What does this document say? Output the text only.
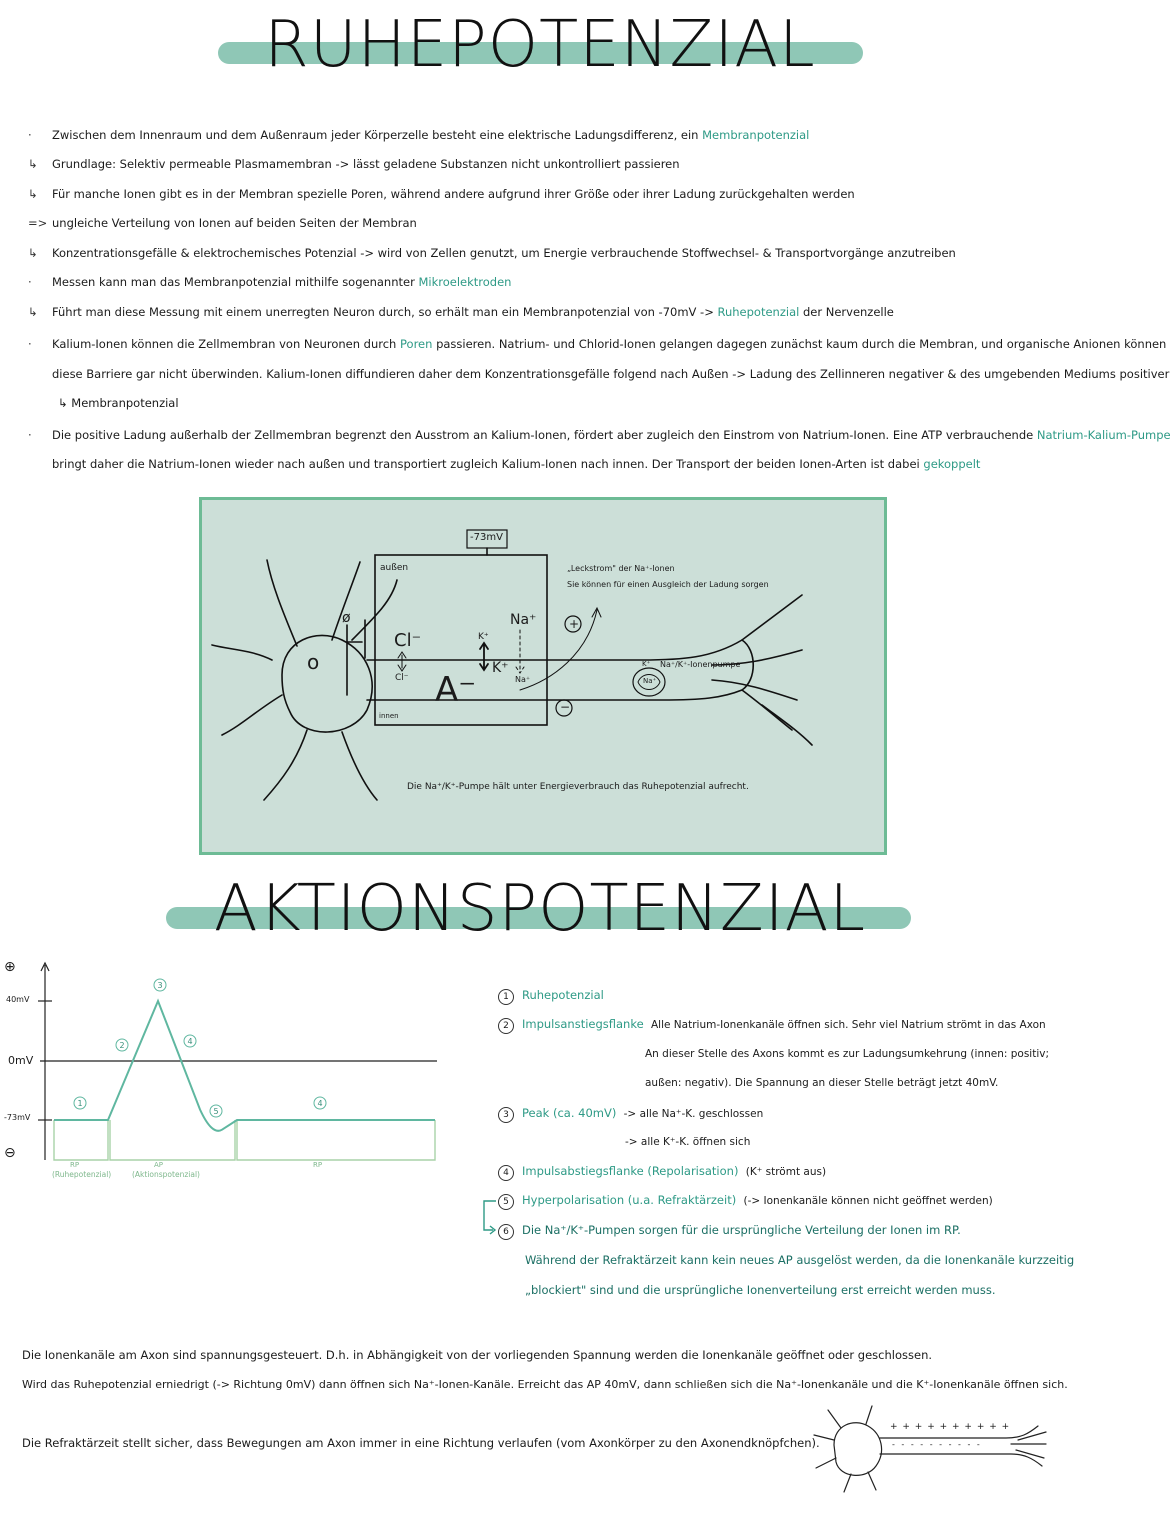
RUHEPOTENZIAL
· Zwischen dem Innenraum und dem Außenraum jeder Körperzelle besteht eine elektrische Ladungsdifferenz, ein Membranpotenzial
↳ Grundlage: Selektiv permeable Plasmamembran -> lässt geladene Substanzen nicht unkontrolliert passieren
↳ Für manche Ionen gibt es in der Membran spezielle Poren, während andere aufgrund ihrer Größe oder ihrer Ladung zurückgehalten werden
=> ungleiche Verteilung von Ionen auf beiden Seiten der Membran
↳ Konzentrationsgefälle & elektrochemisches Potenzial -> wird von Zellen genutzt, um Energie verbrauchende Stoffwechsel- & Transportvorgänge anzutreiben
· Messen kann man das Membranpotenzial mithilfe sogenannter Mikroelektroden
↳ Führt man diese Messung mit einem unerregten Neuron durch, so erhält man ein Membranpotenzial von -70mV -> Ruhepotenzial der Nervenzelle
· Kalium-Ionen können die Zellmembran von Neuronen durch Poren passieren. Natrium- und Chlorid-Ionen gelangen dagegen zunächst kaum durch die Membran, und organische Anionen können
diese Barriere gar nicht überwinden. Kalium-Ionen diffundieren daher dem Konzentrationsgefälle folgend nach Außen -> Ladung des Zellinneren negativer & des umgebenden Mediums positiver
↳ Membranpotenzial
· Die positive Ladung außerhalb der Zellmembran begrenzt den Ausstrom an Kalium-Ionen, fördert aber zugleich den Einstrom von Natrium-Ionen. Eine ATP verbrauchende Natrium-Kalium-Pumpe
bringt daher die Natrium-Ionen wieder nach außen und transportiert zugleich Kalium-Ionen nach innen. Der Transport der beiden Ionen-Arten ist dabei gekoppelt
-73mV
außen
innen
ø
Cl⁻
Cl⁻
K⁺
K⁺
Na⁺
Na⁺
A⁻
o
+
−
„Leckstrom" der Na⁺-Ionen
Sie können für einen Ausgleich der Ladung sorgen
K⁺ Na⁺/K⁺-Ionenpumpe
Na⁺
Die Na⁺/K⁺-Pumpe hält unter Energieverbrauch das Ruhepotenzial aufrecht.
AKTIONSPOTENZIAL
1
2
3
4
5
4
⊕
⊖
40mV
0mV
-73mV
RP
(Ruhepotenzial)
AP
(Aktionspotenzial)
RP
1 Ruhepotenzial
2 Impulsanstiegsflanke Alle Natrium-Ionenkanäle öffnen sich. Sehr viel Natrium strömt in das Axon
An dieser Stelle des Axons kommt es zur Ladungsumkehrung (innen: positiv;
außen: negativ). Die Spannung an dieser Stelle beträgt jetzt 40mV.
3 Peak (ca. 40mV) -> alle Na⁺-K. geschlossen
-> alle K⁺-K. öffnen sich
4 Impulsabstiegsflanke (Repolarisation) (K⁺ strömt aus)
5 Hyperpolarisation (u.a. Refraktärzeit) (-> Ionenkanäle können nicht geöffnet werden)
6 Die Na⁺/K⁺-Pumpen sorgen für die ursprüngliche Verteilung der Ionen im RP.
Während der Refraktärzeit kann kein neues AP ausgelöst werden, da die Ionenkanäle kurzzeitig
„blockiert" sind und die ursprüngliche Ionenverteilung erst erreicht werden muss.
Die Ionenkanäle am Axon sind spannungsgesteuert. D.h. in Abhängigkeit von der vorliegenden Spannung werden die Ionenkanäle geöffnet oder geschlossen.
Wird das Ruhepotenzial erniedrigt (-> Richtung 0mV) dann öffnen sich Na⁺-Ionen-Kanäle. Erreicht das AP 40mV, dann schließen sich die Na⁺-Ionenkanäle und die K⁺-Ionenkanäle öffnen sich.
Die Refraktärzeit stellt sicher, dass Bewegungen am Axon immer in eine Richtung verlaufen (vom Axonkörper zu den Axonendknöpfchen).
+ + + + + + + + + +
- - - - - - - - - -
